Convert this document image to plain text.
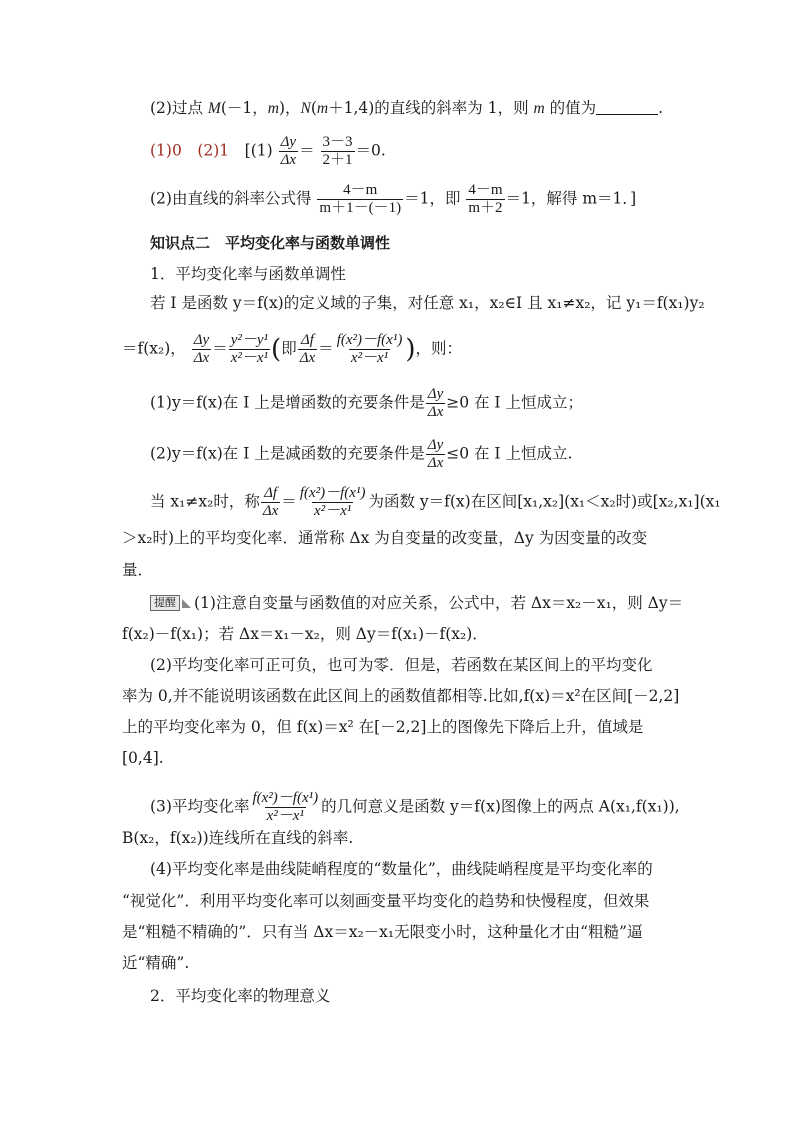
(2)过点 M(－1，m)，N(m＋1,4)的直线的斜率为 1，则 m 的值为	.
(1)0　(2)1　[$(1) \frac{\Delta y}{\Delta x} = \frac{3-3}{2+1} =0$.
(2)由直线的斜率公式得 $\frac{4-m}{m+1-(-1)} =1$，即 $\frac{4-m}{m+2} =1$，解得 m＝1．]
知识点二　平均变化率与函数单调性
1．平均变化率与函数单调性
若 I 是函数 y＝f(x)的定义域的子集，对任意 x₁，x₂∈I 且 x₁≠x₂，记 y₁＝f(x₁)y₂
＝f(x₂)， $\frac{\Delta y}{\Delta x} = \frac{\text{y²－y¹}}{\text{x²－x¹}}$ (即 $\frac{\Delta f}{\Delta x} = \frac{\text{f(x²)－f(x¹)}}{\text{x²－x¹}}$ )，则：
(1)y＝f(x)在 I 上是增函数的充要条件是 $\frac{\Delta y}{\Delta x} \ge 0$ 在 I 上恒成立；
(2)y＝f(x)在 I 上是减函数的充要条件是 $\frac{\Delta y}{\Delta x} \le 0$ 在 I 上恒成立.
当 x₁≠x₂时，称 $\frac{\Delta f}{\Delta x} = \frac{\text{f(x²)－f(x¹)}}{\text{x²－x¹}}$ 为函数 y＝f(x)在区间[x₁,x₂](x₁＜x₂时)或[x₂,x₁](x₁
＞x₂时)上的平均变化率．通常称 Δx 为自变量的改变量，Δy 为因变量的改变
量．
提醒 (1)注意自变量与函数值的对应关系，公式中，若 Δx＝x₂－x₁，则 Δy＝
f(x₂)－f(x₁)；若 Δx＝x₁－x₂，则 Δy＝f(x₁)－f(x₂)．
(2)平均变化率可正可负，也可为零．但是，若函数在某区间上的平均变化
率为 0,并不能说明该函数在此区间上的函数值都相等.比如,f(x)＝x²在区间[－2,2]
上的平均变化率为 0，但 f(x)＝x² 在[－2,2]上的图像先下降后上升，值域是
[0,4].
(3)平均变化率 $\frac{\text{f(x²)－f(x¹)}}{\text{x²－x¹}}$ 的几何意义是函数 y＝f(x)图像上的两点 A(x₁,f(x₁)),
B(x₂，f(x₂))连线所在直线的斜率.
(4)平均变化率是曲线陡峭程度的“数量化”，曲线陡峭程度是平均变化率的
“视觉化”．利用平均变化率可以刻画变量平均变化的趋势和快慢程度，但效果
是“粗糙不精确的”．只有当 Δx＝x₂－x₁无限变小时，这种量化才由“粗糙”逼
近“精确”.
2．平均变化率的物理意义
